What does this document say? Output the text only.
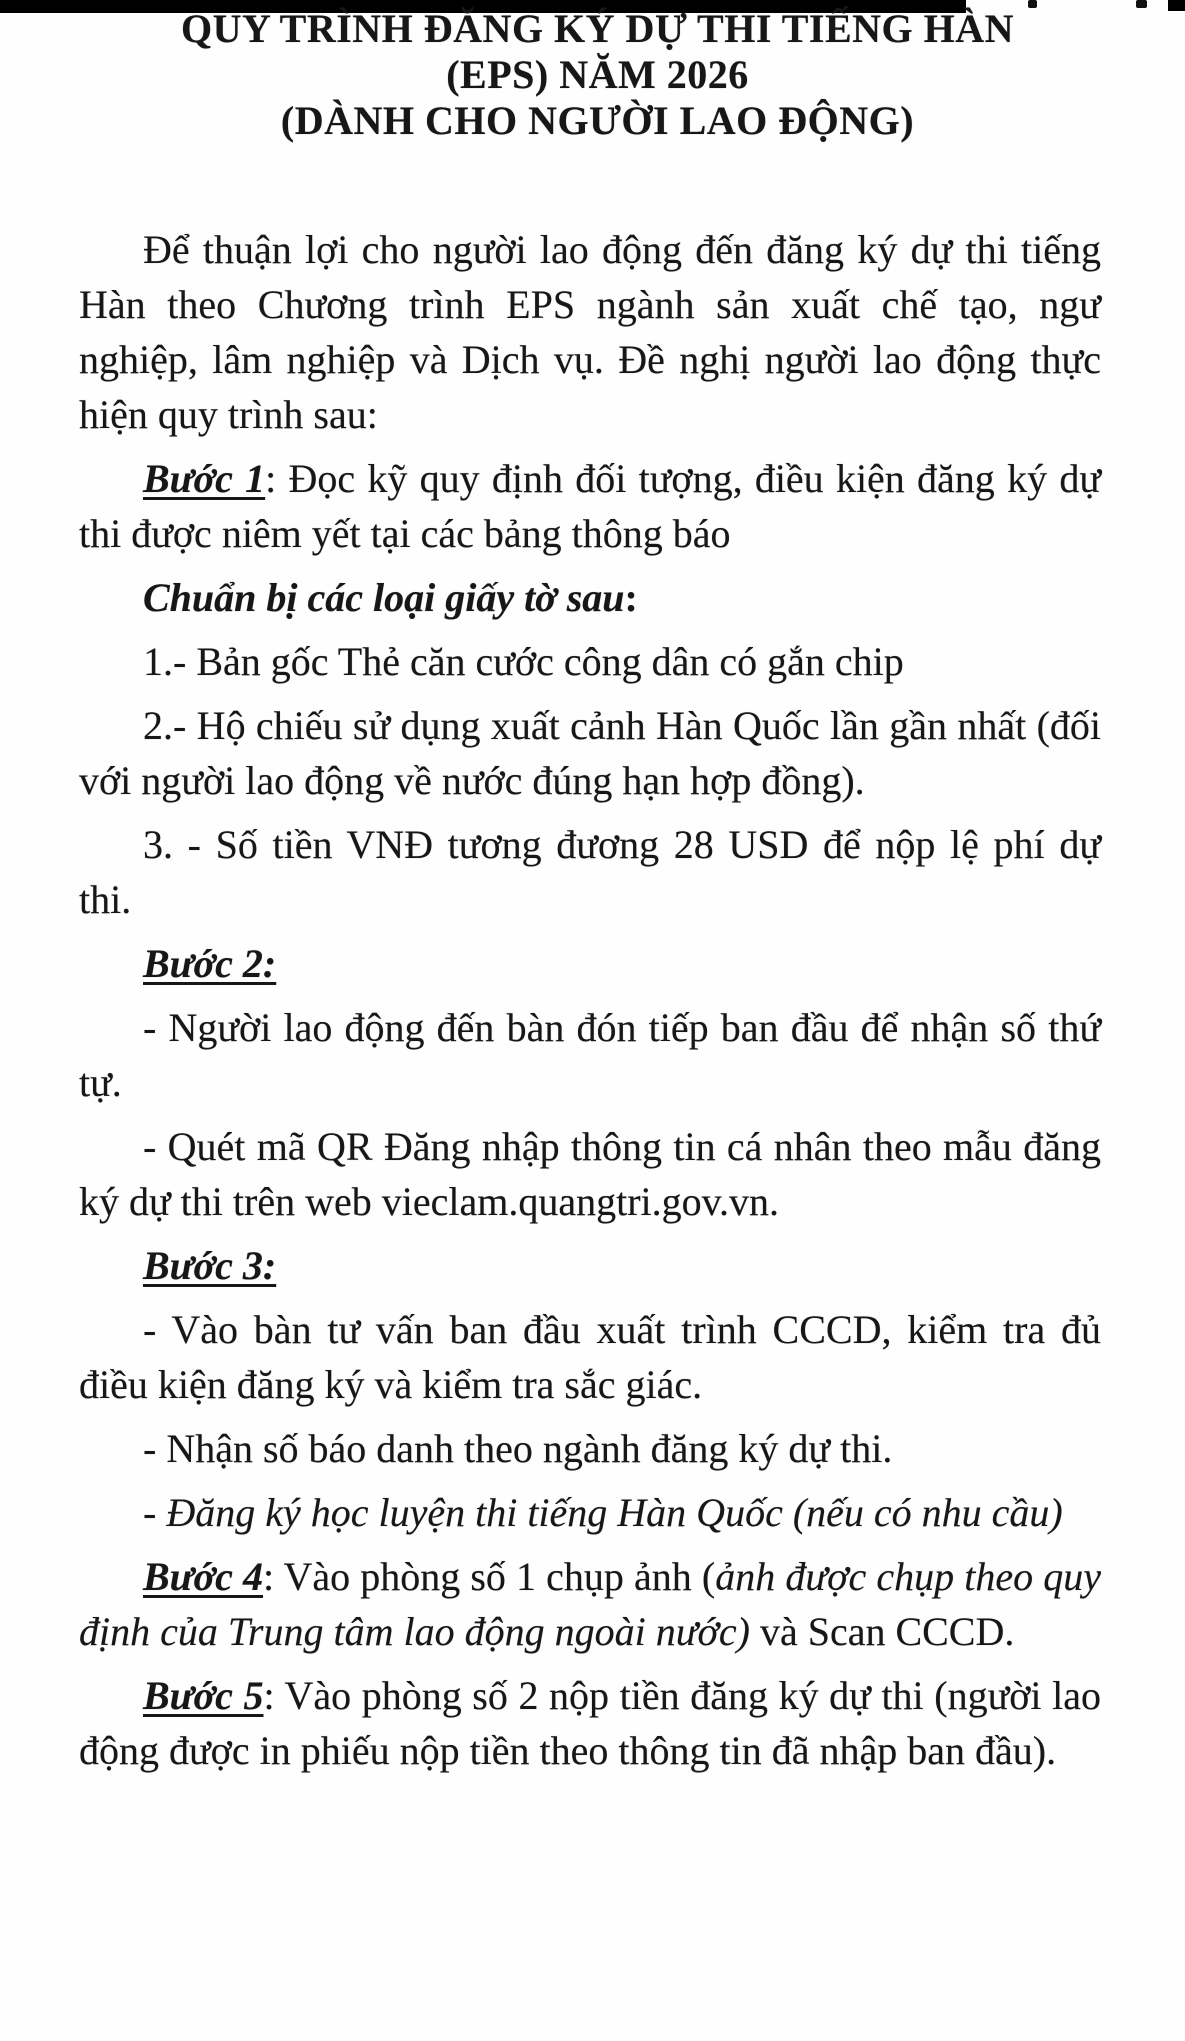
QUY TRÌNH ĐĂNG KÝ DỰ THI TIẾNG HÀN
(EPS) NĂM 2026
(DÀNH CHO NGƯỜI LAO ĐỘNG)

Để thuận lợi cho người lao động đến đăng ký dự thi tiếng Hàn theo Chương trình EPS ngành sản xuất chế tạo, ngư nghiệp, lâm nghiệp và Dịch vụ. Đề nghị người lao động thực hiện quy trình sau:

Bước 1: Đọc kỹ quy định đối tượng, điều kiện đăng ký dự thi được niêm yết tại các bảng thông báo

Chuẩn bị các loại giấy tờ sau:

1.- Bản gốc Thẻ căn cước công dân có gắn chip

2.- Hộ chiếu sử dụng xuất cảnh Hàn Quốc lần gần nhất (đối với người lao động về nước đúng hạn hợp đồng).

3. - Số tiền VNĐ tương đương 28 USD để nộp lệ phí dự thi.

Bước 2:

- Người lao động đến bàn đón tiếp ban đầu để nhận số thứ tự.

- Quét mã QR Đăng nhập thông tin cá nhân theo mẫu đăng ký dự thi trên web vieclam.quangtri.gov.vn.

Bước 3:

- Vào bàn tư vấn ban đầu xuất trình CCCD, kiểm tra đủ điều kiện đăng ký và kiểm tra sắc giác.

- Nhận số báo danh theo ngành đăng ký dự thi.

- Đăng ký học luyện thi tiếng Hàn Quốc (nếu có nhu cầu)

Bước 4: Vào phòng số 1 chụp ảnh (ảnh được chụp theo quy định của Trung tâm lao động ngoài nước) và Scan CCCD.

Bước 5: Vào phòng số 2 nộp tiền đăng ký dự thi (người lao động được in phiếu nộp tiền theo thông tin đã nhập ban đầu).
